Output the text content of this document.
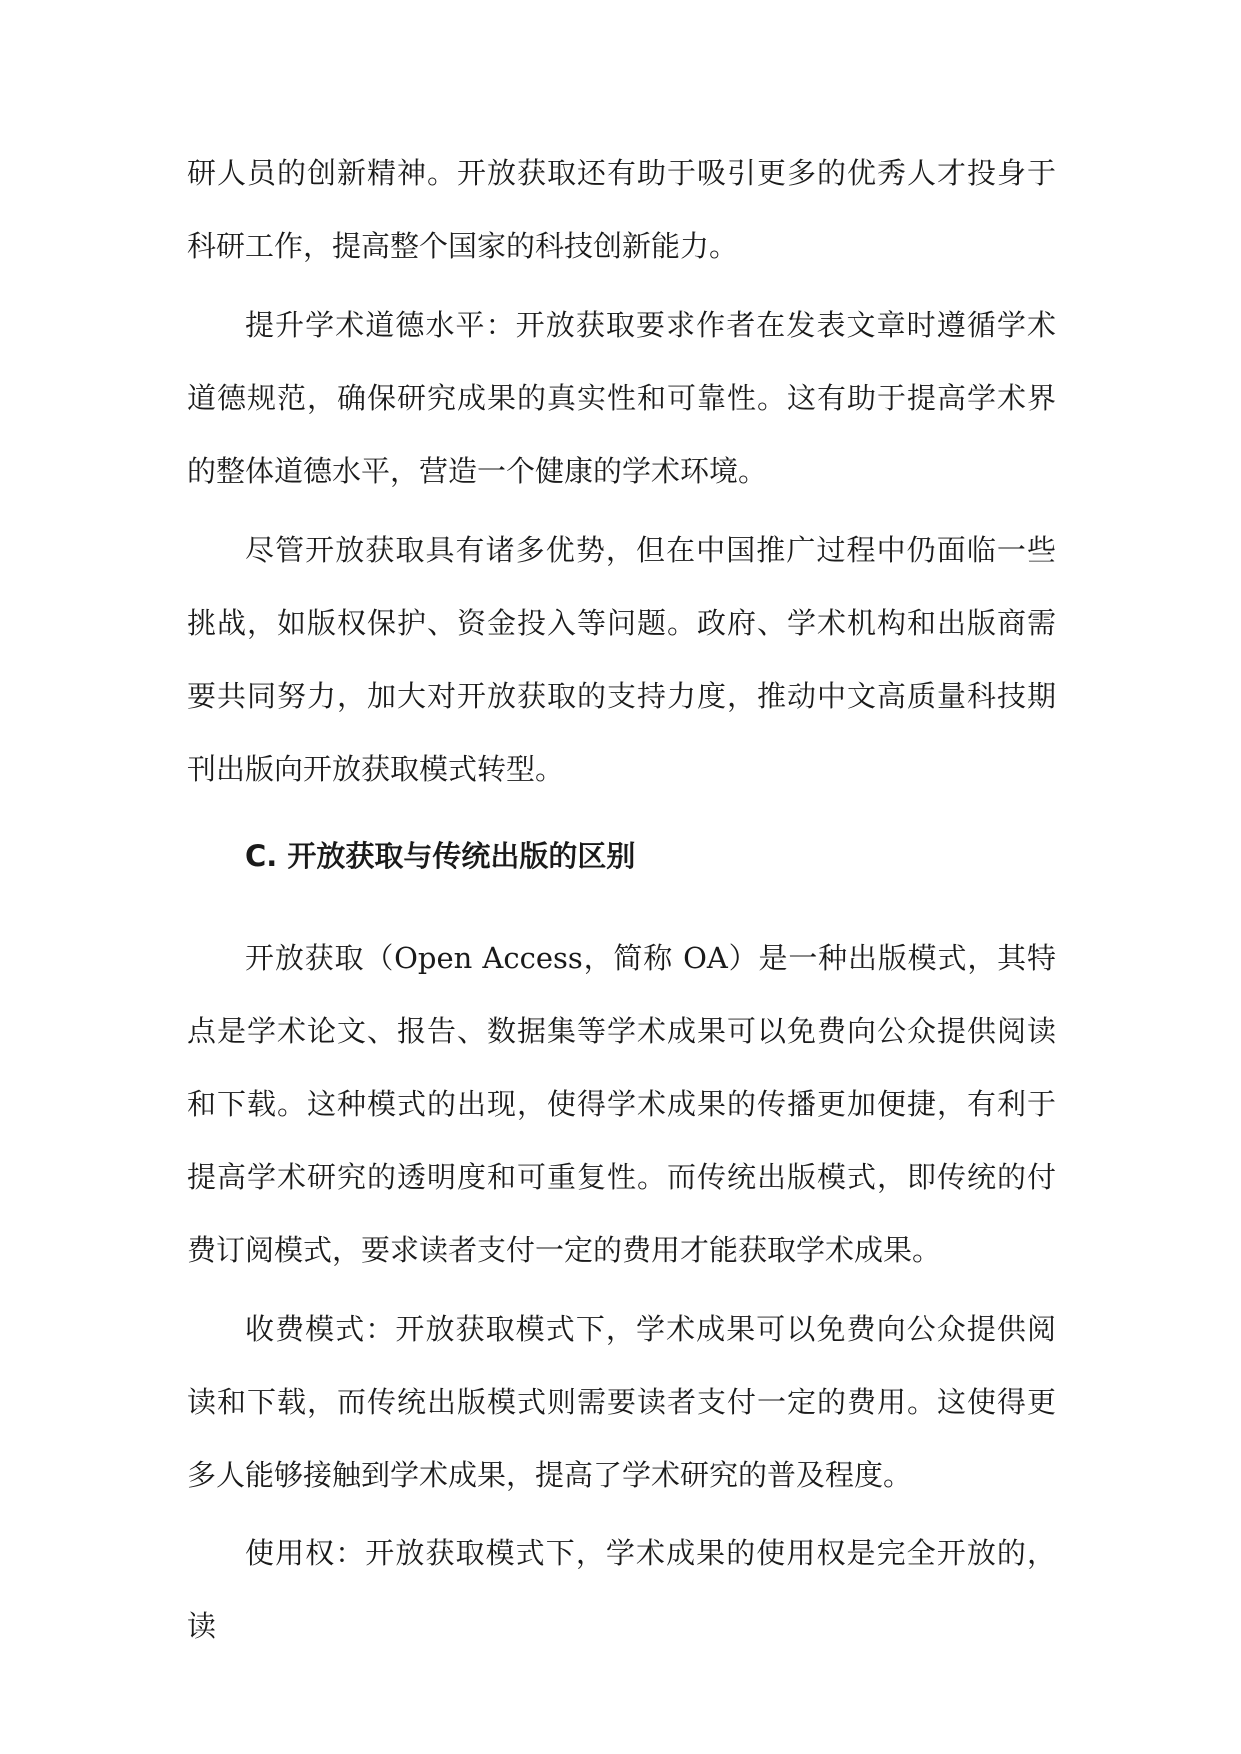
研人员的创新精神。开放获取还有助于吸引更多的优秀人才投身于科研工作，提高整个国家的科技创新能力。

提升学术道德水平：开放获取要求作者在发表文章时遵循学术道德规范，确保研究成果的真实性和可靠性。这有助于提高学术界的整体道德水平，营造一个健康的学术环境。

尽管开放获取具有诸多优势，但在中国推广过程中仍面临一些挑战，如版权保护、资金投入等问题。政府、学术机构和出版商需要共同努力，加大对开放获取的支持力度，推动中文高质量科技期刊出版向开放获取模式转型。

C. 开放获取与传统出版的区别

开放获取（Open Access，简称 OA）是一种出版模式，其特点是学术论文、报告、数据集等学术成果可以免费向公众提供阅读和下载。这种模式的出现，使得学术成果的传播更加便捷，有利于提高学术研究的透明度和可重复性。而传统出版模式，即传统的付费订阅模式，要求读者支付一定的费用才能获取学术成果。

收费模式：开放获取模式下，学术成果可以免费向公众提供阅读和下载，而传统出版模式则需要读者支付一定的费用。这使得更多人能够接触到学术成果，提高了学术研究的普及程度。

使用权：开放获取模式下，学术成果的使用权是完全开放的，读
